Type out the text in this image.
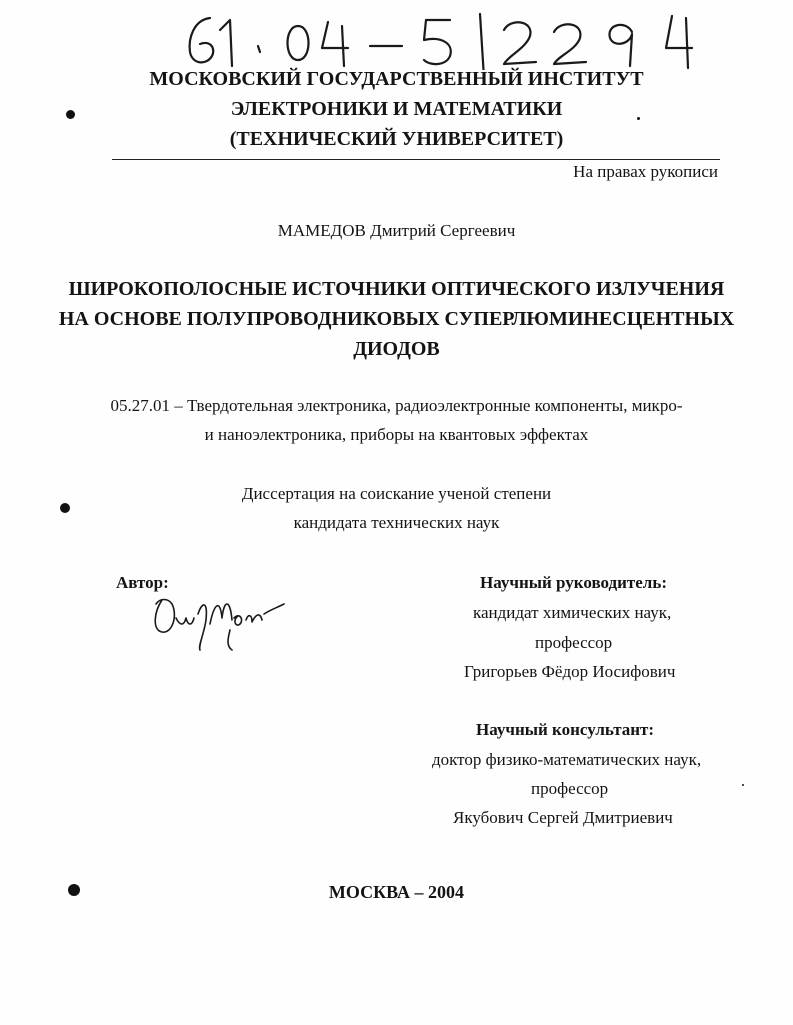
МОСКОВСКИЙ ГОСУДАРСТВЕННЫЙ ИНСТИТУТ
ЭЛЕКТРОНИКИ И МАТЕМАТИКИ
(ТЕХНИЧЕСКИЙ УНИВЕРСИТЕТ)
На правах рукописи
МАМЕДОВ Дмитрий Сергеевич
ШИРОКОПОЛОСНЫЕ ИСТОЧНИКИ ОПТИЧЕСКОГО ИЗЛУЧЕНИЯ
НА ОСНОВЕ ПОЛУПРОВОДНИКОВЫХ СУПЕРЛЮМИНЕСЦЕНТНЫХ
ДИОДОВ
05.27.01 – Твердотельная электроника, радиоэлектронные компоненты, микро-
и наноэлектроника, приборы на квантовых эффектах
Диссертация на соискание ученой степени
кандидата технических наук
Автор:	Научный руководитель:
кандидат химических наук,
профессор
Григорьев Фёдор Иосифович
Научный консультант:
доктор физико-математических наук,
профессор
Якубович Сергей Дмитриевич
МОСКВА – 2004
